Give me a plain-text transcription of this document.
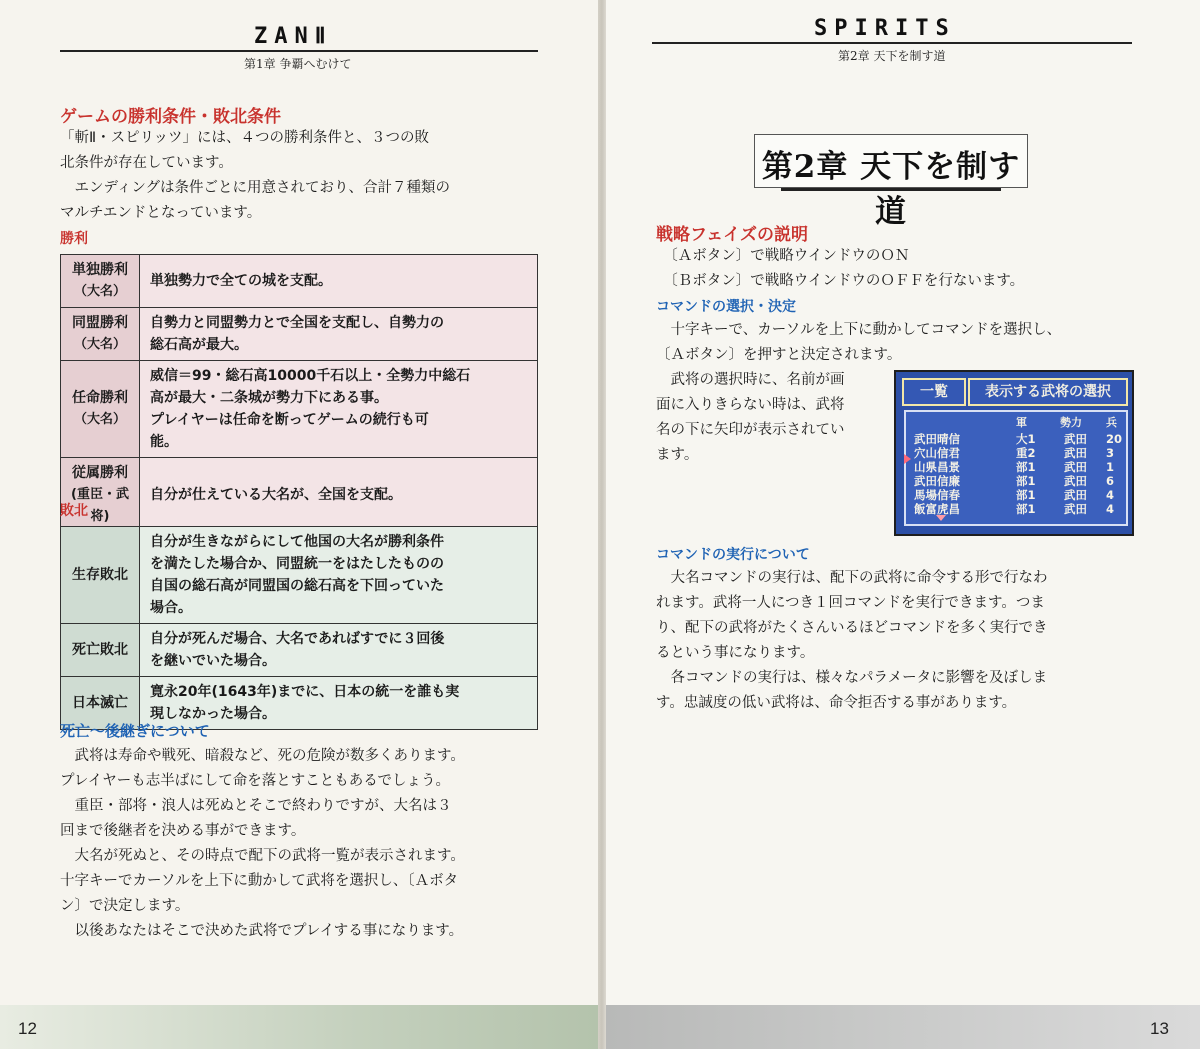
ZANⅡ
第1章 争覇へむけて
ゲームの勝利条件・敗北条件

「斬Ⅱ・スピリッツ」には、４つの勝利条件と、３つの敗
北条件が存在しています。
　エンディングは条件ごとに用意されており、合計７種類の
マルチエンドとなっています。

勝利
単独勝利
（大名）	単独勢力で全ての城を支配。
同盟勝利
（大名）	自勢力と同盟勢力とで全国を支配し、自勢力の
総石高が最大。
任命勝利
（大名）	威信＝99・総石高10000千石以上・全勢力中総石
高が最大・二条城が勢力下にある事。
プレイヤーは任命を断ってゲームの続行も可
能。
従属勝利
(重臣・武将)	自分が仕えている大名が、全国を支配。
敗北
生存敗北	自分が生きながらにして他国の大名が勝利条件
を満たした場合か、同盟統一をはたしたものの
自国の総石高が同盟国の総石高を下回っていた
場合。
死亡敗北	自分が死んだ場合、大名であればすでに３回後
を継いでいた場合。
日本滅亡	寛永20年(1643年)までに、日本の統一を誰も実
現しなかった場合。
死亡〜後継ぎについて

　武将は寿命や戦死、暗殺など、死の危険が数多くあります。
プレイヤーも志半ばにして命を落とすこともあるでしょう。
　重臣・部将・浪人は死ぬとそこで終わりですが、大名は３
回まで後継者を決める事ができます。
　大名が死ぬと、その時点で配下の武将一覧が表示されます。
十字キーでカーソルを上下に動かして武将を選択し、〔Ａボタ
ン〕で決定します。
　以後あなたはそこで決めた武将でプレイする事になります。

12
SPIRITS
第2章 天下を制す道
第2章 天下を制す道
戦略フェイズの説明

　〔Ａボタン〕で戦略ウインドウのＯＮ
　〔Ｂボタン〕で戦略ウインドウのＯＦＦを行ないます。

コマンドの選択・決定

　十字キーで、カーソルを上下に動かしてコマンドを選択し、
〔Ａボタン〕を押すと決定されます。

　武将の選択時に、名前が画
面に入りきらない時は、武将
名の下に矢印が表示されてい
ます。

一覧	表示する武将の選択
軍	勢力 兵
武田晴信	大1 武田 20
穴山信君	重2 武田 3
山県昌景	部1 武田 1
武田信廉	部1 武田 6
馬場信春	部1 武田 4
飯富虎昌	部1 武田 4
コマンドの実行について

　大名コマンドの実行は、配下の武将に命令する形で行なわ
れます。武将一人につき１回コマンドを実行できます。つま
り、配下の武将がたくさんいるほどコマンドを多く実行でき
るという事になります。
　各コマンドの実行は、様々なパラメータに影響を及ぼしま
す。忠誠度の低い武将は、命令拒否する事があります。

13
